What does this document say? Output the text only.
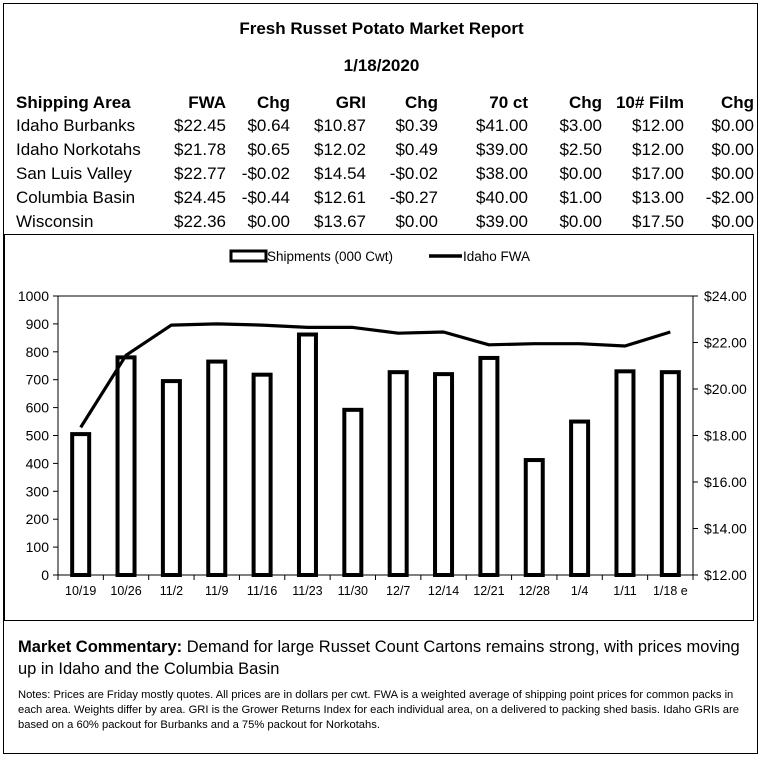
Fresh Russet Potato Market Report
1/18/2020
Shipping Area	FWA	Chg	GRI	Chg	70 ct	Chg	10# Film	Chg
Idaho Burbanks	$22.45	$0.64	$10.87	$0.39	$41.00	$3.00	$12.00	$0.00
Idaho Norkotahs	$21.78	$0.65	$12.02	$0.49	$39.00	$2.50	$12.00	$0.00
San Luis Valley	$22.77	-$0.02	$14.54	-$0.02	$38.00	$0.00	$17.00	$0.00
Columbia Basin	$24.45	-$0.44	$12.61	-$0.27	$40.00	$1.00	$13.00	-$2.00
Wisconsin	$22.36	$0.00	$13.67	$0.00	$39.00	$0.00	$17.50	$0.00
1000
900
800
700
600
500
400
300
200
100
0
$24.00
$22.00
$20.00
$18.00
$16.00
$14.00
$12.00
10/19 10/26 11/2 11/9 11/16 11/23 11/30 12/7 12/14 12/21 12/28 1/4 1/11 1/18 e
Shipments (000 Cwt)	Idaho FWA
Market Commentary: Demand for large Russet Count Cartons remains strong, with prices moving up in Idaho and the Columbia Basin
Notes: Prices are Friday mostly quotes. All prices are in dollars per cwt. FWA is a weighted average of shipping point prices for common packs in each area. Weights differ by area. GRI is the Grower Returns Index for each individual area, on a delivered to packing shed basis. Idaho GRIs are based on a 60% packout for Burbanks and a 75% packout for Norkotahs.
